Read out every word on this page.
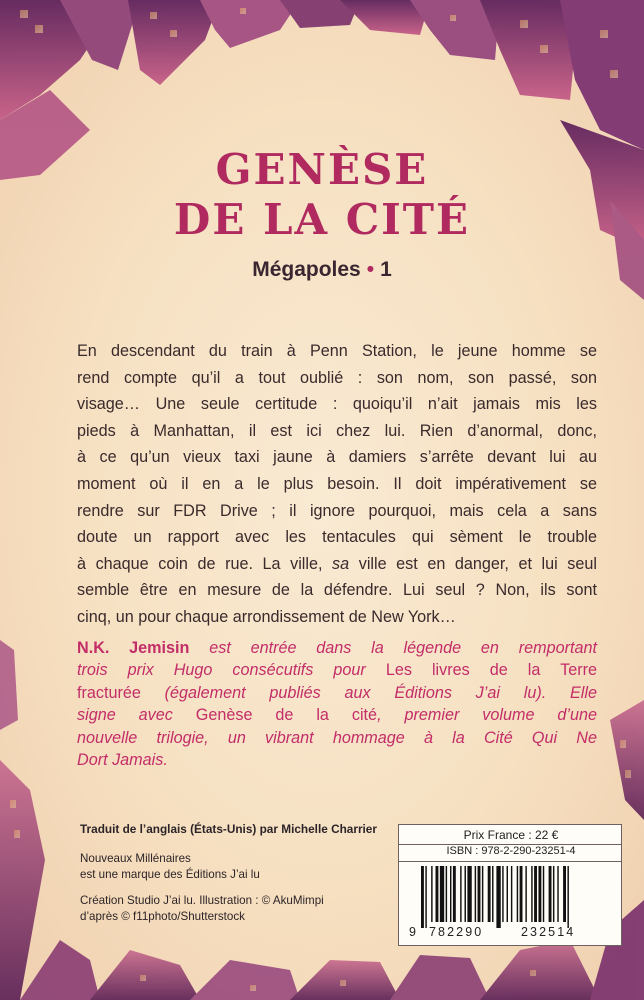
GENÈSE
DE LA CITÉ
Mégapoles • 1

En descendant du train à Penn Station, le jeune homme se
rend compte qu’il a tout oublié : son nom, son passé, son
visage… Une seule certitude : quoiqu’il n’ait jamais mis les
pieds à Manhattan, il est ici chez lui. Rien d’anormal, donc,
à ce qu’un vieux taxi jaune à damiers s’arrête devant lui au
moment où il en a le plus besoin. Il doit impérativement se
rendre sur FDR Drive ; il ignore pourquoi, mais cela a sans
doute un rapport avec les tentacules qui sèment le trouble
à chaque coin de rue. La ville, sa ville est en danger, et lui seul
semble être en mesure de la défendre. Lui seul ? Non, ils sont
cinq, un pour chaque arrondissement de New York…

N.K. Jemisin est entrée dans la légende en remportant
trois prix Hugo consécutifs pour Les livres de la Terre
fracturée (également publiés aux Éditions J’ai lu). Elle
signe avec Genèse de la cité, premier volume d’une
nouvelle trilogie, un vibrant hommage à la Cité Qui Ne
Dort Jamais.

Traduit de l’anglais (États-Unis) par Michelle Charrier
Nouveaux Millénaires
est une marque des Éditions J’ai lu
Création Studio J’ai lu. Illustration : © AkuMimpi
d’après © f11photo/Shutterstock
Prix France : 22 €
ISBN : 978-2-290-23251-4
9 782290	232514
